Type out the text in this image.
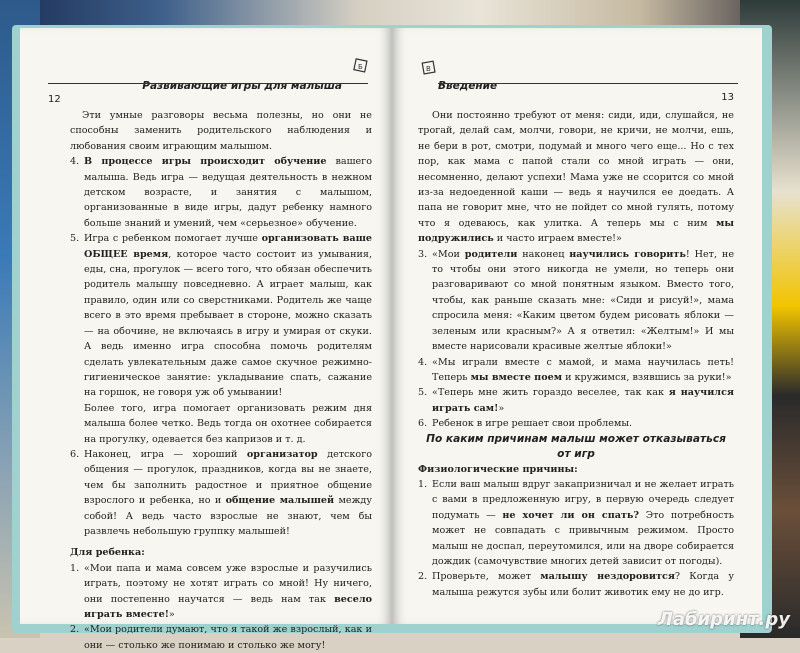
Развивающие игры для малыша
12
Б

Эти умные разговоры весьма полезны, но они не способны заменить родительского наблюдения и любования своим играющим малышом.

4. В процессе игры происходит обучение вашего малыша. Ведь игра — ведущая деятельность в нежном детском возрасте, и занятия с малышом, организованные в виде игры, дадут ребенку намного больше знаний и умений, чем «серьезное» обучение.
5. Игра с ребенком помогает лучше организовать ваше ОБЩЕЕ время, которое часто состоит из умывания, еды, сна, прогулок — всего того, что обязан обеспечить родитель малышу повседневно. А играет малыш, как правило, один или со сверстниками. Родитель же чаще всего в это время пребывает в стороне, можно сказать — на обочине, не включаясь в игру и умирая от скуки. А ведь именно игра способна помочь родителям сделать увлекательным даже самое скучное режимно-гигиеническое занятие: укладывание спать, сажание на горшок, не говоря уж об умывании!

Более того, игра помогает организовать режим дня малыша более четко. Ведь тогда он охотнее собирается на прогулку, одевается без капризов и т. д.

6. Наконец, игра — хороший организатор детского общения — прогулок, праздников, когда вы не знаете, чем бы заполнить радостное и приятное общение взрослого и ребенка, но и общение малышей между собой! А ведь часто взрослые не знают, чем бы развлечь небольшую группку малышей!

Для ребенка:

1. «Мои папа и мама совсем уже взрослые и разучились играть, поэтому не хотят играть со мной! Ну ничего, они постепенно научатся — ведь нам так весело играть вместе!»
2. «Мои родители думают, что я такой же взрослый, как и они — столько же понимаю и столько же могу!
В
Введение
13

Они постоянно требуют от меня: сиди, иди, слушайся, не трогай, делай сам, молчи, говори, не кричи, не молчи, ешь, не бери в рот, смотри, подумай и много чего еще... Но с тех пор, как мама с папой стали со мной играть — они, несомненно, делают успехи! Мама уже не ссорится со мной из-за недоеденной каши — ведь я научился ее доедать. А папа не говорит мне, что не пойдет со мной гулять, потому что я одеваюсь, как улитка. А теперь мы с ним мы подружились и часто играем вместе!»

3. «Мои родители наконец научились говорить! Нет, не то чтобы они этого никогда не умели, но теперь они разговаривают со мной понятным языком. Вместо того, чтобы, как раньше сказать мне: «Сиди и рисуй!», мама спросила меня: «Каким цветом будем рисовать яблоки — зеленым или красным?» А я ответил: «Желтым!» И мы вместе нарисовали красивые желтые яблоки!»
4. «Мы играли вместе с мамой, и мама научилась петь! Теперь мы вместе поем и кружимся, взявшись за руки!»
5. «Теперь мне жить гораздо веселее, так как я научился играть сам!»
6. Ребенок в игре решает свои проблемы.

По каким причинам малыш может отказываться от игр

Физиологические причины:

1. Если ваш малыш вдруг закапризничал и не желает играть с вами в предложенную игру, в первую очередь следует подумать — не хочет ли он спать? Это потребность может не совпадать с привычным режимом. Просто малыш не доспал, переутомился, или на дворе собирается дождик (самочувствие многих детей зависит от погоды).
2. Проверьте, может малышу нездоровится? Когда у малыша режутся зубы или болит животик ему не до игр.
Лабиринт.ру
